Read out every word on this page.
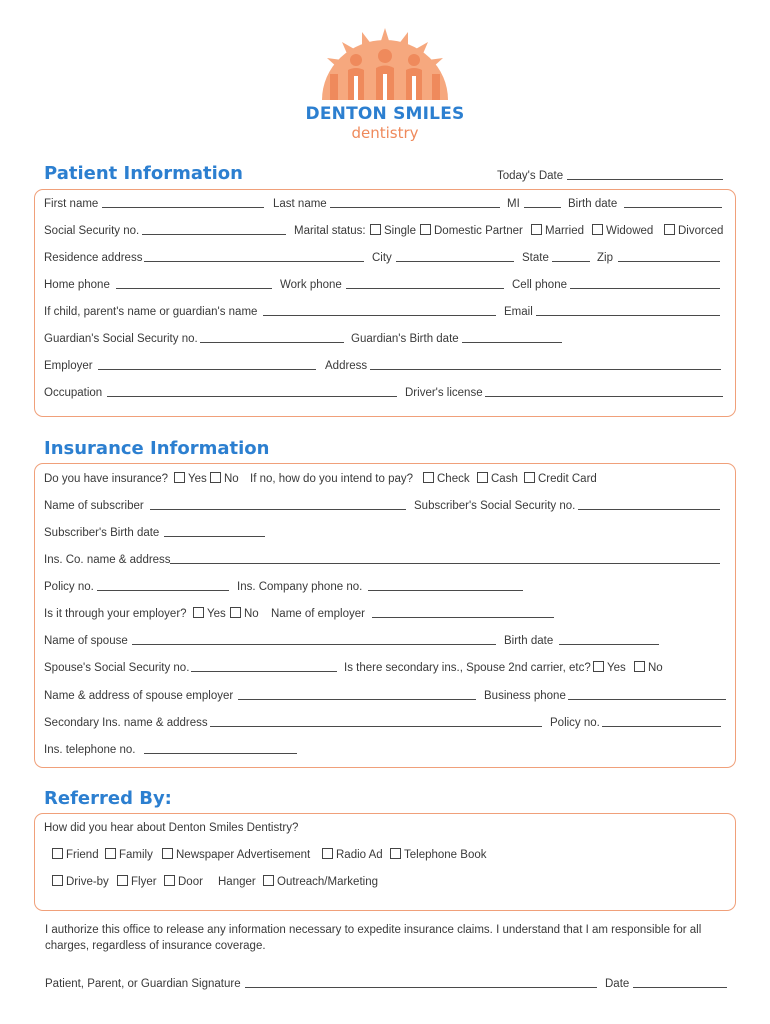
DENTON SMILES
dentistry
Patient Information	Today's Date
First name	Last name	MI	Birth date
Social Security no.	Marital status:	Single	Domestic Partner	Married	Widowed	Divorced
Residence address	City	State	Zip
Home phone	Work phone	Cell phone
If child, parent's name or guardian's name	Email
Guardian's Social Security no.	Guardian's Birth date
Employer	Address
Occupation	Driver's license
Insurance Information
Do you have insurance?	Yes	No If no, how do you intend to pay?	Check	Cash	Credit Card
Name of subscriber	Subscriber's Social Security no.
Subscriber's Birth date
Ins. Co. name & address
Policy no.	Ins. Company phone no.
Is it through your employer?	Yes	No Name of employer
Name of spouse	Birth date
Spouse's Social Security no.	Is there secondary ins., Spouse 2nd carrier, etc?	Yes	No
Name & address of spouse employer	Business phone
Secondary Ins. name & address	Policy no.
Ins. telephone no.
Referred By:
How did you hear about Denton Smiles Dentistry?
Friend	Family	Newspaper Advertisement	Radio Ad	Telephone Book
Drive-by	Flyer	Door Hanger	Outreach/Marketing
I authorize this office to release any information necessary to expedite insurance claims. I understand that I am responsible for all
charges, regardless of insurance coverage.
Patient, Parent, or Guardian Signature	Date
